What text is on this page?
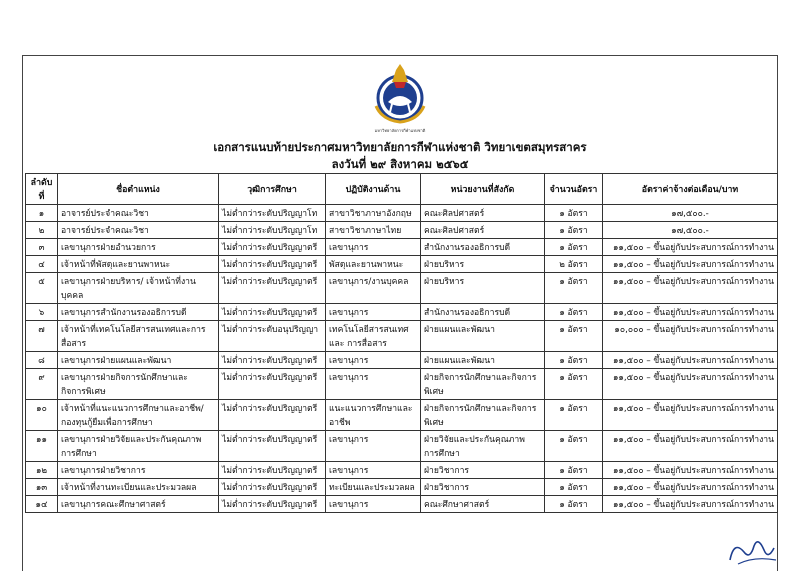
มหาวิทยาลัยการกีฬาแห่งชาติ
เอกสารแนบท้ายประกาศมหาวิทยาลัยการกีฬาแห่งชาติ วิทยาเขตสมุทรสาคร
ลงวันที่ ๒๙ สิงหาคม ๒๕๖๕
ลำดับที่	ชื่อตำแหน่ง	วุฒิการศึกษา	ปฏิบัติงานด้าน	หน่วยงานที่สังกัด	จำนวนอัตรา	อัตราค่าจ้างต่อเดือน/บาท
๑	อาจารย์ประจำคณะวิชา	ไม่ต่ำกว่าระดับปริญญาโท	สาขาวิชาภาษาอังกฤษ	คณะศิลปศาสตร์	๑ อัตรา	๑๗,๕๐๐.-
๒	อาจารย์ประจำคณะวิชา	ไม่ต่ำกว่าระดับปริญญาโท	สาขาวิชาภาษาไทย	คณะศิลปศาสตร์	๑ อัตรา	๑๗,๕๐๐.-
๓	เลขานุการฝ่ายอำนวยการ	ไม่ต่ำกว่าระดับปริญญาตรี	เลขานุการ	สำนักงานรองอธิการบดี	๑ อัตรา	๑๑,๕๐๐ – ขึ้นอยู่กับประสบการณ์การทำงาน
๔	เจ้าหน้าที่พัสดุและยานพาหนะ	ไม่ต่ำกว่าระดับปริญญาตรี	พัสดุและยานพาหนะ	ฝ่ายบริหาร	๒ อัตรา	๑๑,๕๐๐ – ขึ้นอยู่กับประสบการณ์การทำงาน
๕	เลขานุการฝ่ายบริหาร/ เจ้าหน้าที่งานบุคคล	ไม่ต่ำกว่าระดับปริญญาตรี	เลขานุการ/งานบุคคล	ฝ่ายบริหาร	๑ อัตรา	๑๑,๕๐๐ – ขึ้นอยู่กับประสบการณ์การทำงาน
๖	เลขานุการสำนักงานรองอธิการบดี	ไม่ต่ำกว่าระดับปริญญาตรี	เลขานุการ	สำนักงานรองอธิการบดี	๑ อัตรา	๑๑,๕๐๐ – ขึ้นอยู่กับประสบการณ์การทำงาน
๗	เจ้าหน้าที่เทคโนโลยีสารสนเทศและการ สื่อสาร	ไม่ต่ำกว่าระดับอนุปริญญา	เทคโนโลยีสารสนเทศและ การสื่อสาร	ฝ่ายแผนและพัฒนา	๑ อัตรา	๑๐,๐๐๐ – ขึ้นอยู่กับประสบการณ์การทำงาน
๘	เลขานุการฝ่ายแผนและพัฒนา	ไม่ต่ำกว่าระดับปริญญาตรี	เลขานุการ	ฝ่ายแผนและพัฒนา	๑ อัตรา	๑๑,๕๐๐ – ขึ้นอยู่กับประสบการณ์การทำงาน
๙	เลขานุการฝ่ายกิจการนักศึกษาและ กิจการพิเศษ	ไม่ต่ำกว่าระดับปริญญาตรี	เลขานุการ	ฝ่ายกิจการนักศึกษาและกิจการ พิเศษ	๑ อัตรา	๑๑,๕๐๐ – ขึ้นอยู่กับประสบการณ์การทำงาน
๑๐	เจ้าหน้าที่แนะแนวการศึกษาและอาชีพ/ กองทุนกู้ยืมเพื่อการศึกษา	ไม่ต่ำกว่าระดับปริญญาตรี	แนะแนวการศึกษาและ อาชีพ	ฝ่ายกิจการนักศึกษาและกิจการ พิเศษ	๑ อัตรา	๑๑,๕๐๐ – ขึ้นอยู่กับประสบการณ์การทำงาน
๑๑	เลขานุการฝ่ายวิจัยและประกันคุณภาพ การศึกษา	ไม่ต่ำกว่าระดับปริญญาตรี	เลขานุการ	ฝ่ายวิจัยและประกันคุณภาพ การศึกษา	๑ อัตรา	๑๑,๕๐๐ – ขึ้นอยู่กับประสบการณ์การทำงาน
๑๒	เลขานุการฝ่ายวิชาการ	ไม่ต่ำกว่าระดับปริญญาตรี	เลขานุการ	ฝ่ายวิชาการ	๑ อัตรา	๑๑,๕๐๐ – ขึ้นอยู่กับประสบการณ์การทำงาน
๑๓	เจ้าหน้าที่งานทะเบียนและประมวลผล	ไม่ต่ำกว่าระดับปริญญาตรี	ทะเบียนและประมวลผล	ฝ่ายวิชาการ	๑ อัตรา	๑๑,๕๐๐ – ขึ้นอยู่กับประสบการณ์การทำงาน
๑๔	เลขานุการคณะศึกษาศาสตร์	ไม่ต่ำกว่าระดับปริญญาตรี	เลขานุการ	คณะศึกษาศาสตร์	๑ อัตรา	๑๑,๕๐๐ – ขึ้นอยู่กับประสบการณ์การทำงาน
